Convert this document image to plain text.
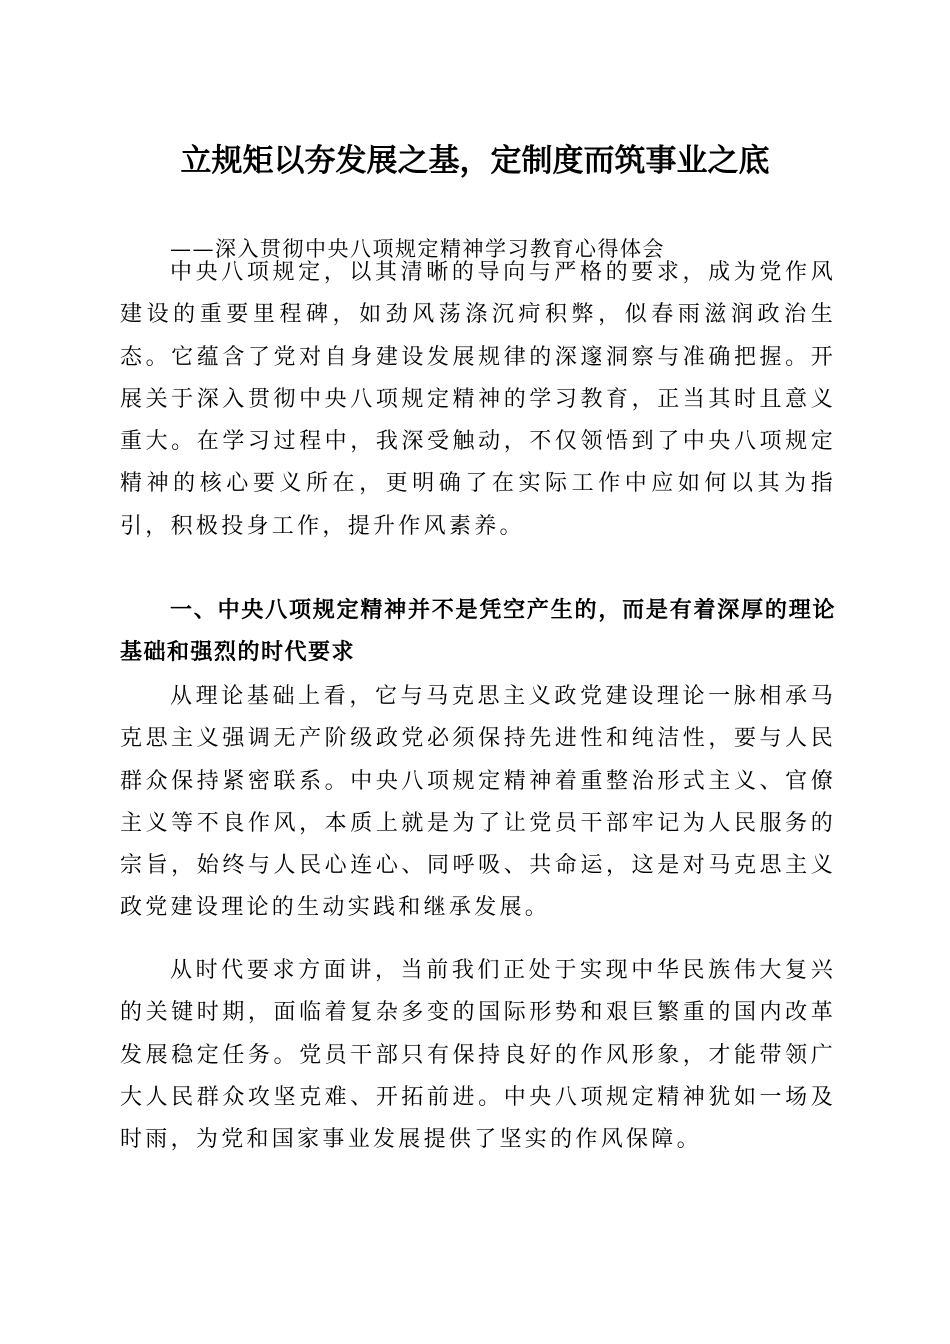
立规矩以夯发展之基，定制度而筑事业之底

——深入贯彻中央八项规定精神学习教育心得体会

中央八项规定，以其清晰的导向与严格的要求，成为党作风建设的重要里程碑，如劲风荡涤沉疴积弊，似春雨滋润政治生态。它蕴含了党对自身建设发展规律的深邃洞察与准确把握。开展关于深入贯彻中央八项规定精神的学习教育，正当其时且意义重大。在学习过程中，我深受触动，不仅领悟到了中央八项规定精神的核心要义所在，更明确了在实际工作中应如何以其为指引，积极投身工作，提升作风素养。

一、中央八项规定精神并不是凭空产生的，而是有着深厚的理论基础和强烈的时代要求

从理论基础上看，它与马克思主义政党建设理论一脉相承马克思主义强调无产阶级政党必须保持先进性和纯洁性，要与人民群众保持紧密联系。中央八项规定精神着重整治形式主义、官僚主义等不良作风，本质上就是为了让党员干部牢记为人民服务的宗旨，始终与人民心连心、同呼吸、共命运，这是对马克思主义政党建设理论的生动实践和继承发展。

从时代要求方面讲，当前我们正处于实现中华民族伟大复兴的关键时期，面临着复杂多变的国际形势和艰巨繁重的国内改革发展稳定任务。党员干部只有保持良好的作风形象，才能带领广大人民群众攻坚克难、开拓前进。中央八项规定精神犹如一场及时雨，为党和国家事业发展提供了坚实的作风保障。
